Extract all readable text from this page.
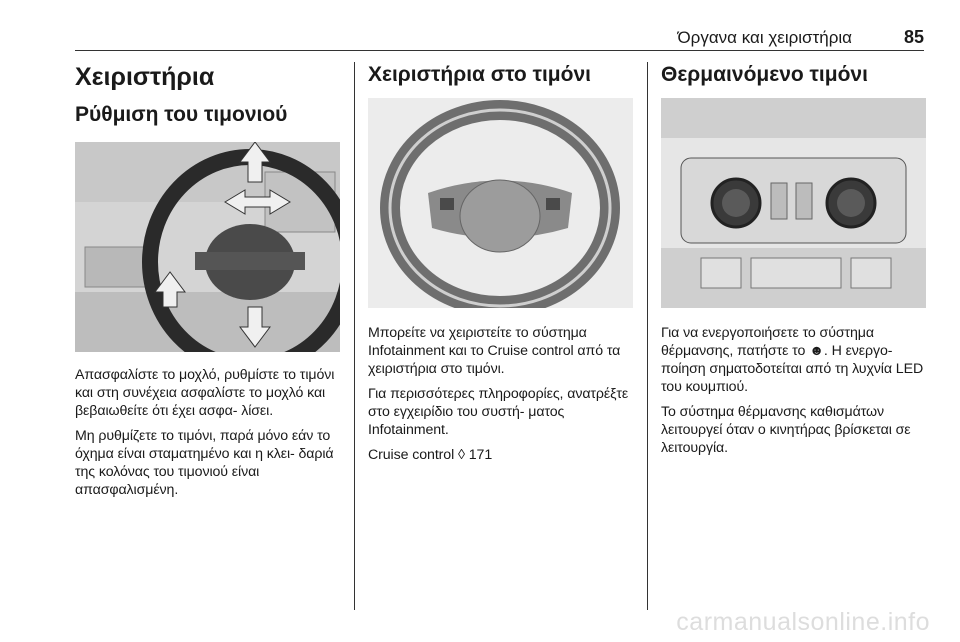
Όργανα και χειριστήρια	85
Χειριστήρια
Ρύθμιση του τιμονιού

Απασφαλίστε το μοχλό, ρυθμίστε το τιμόνι και στη συνέχεια ασφαλίστε το μοχλό και βεβαιωθείτε ότι έχει ασφα- λίσει.

Μη ρυθμίζετε το τιμόνι, παρά μόνο εάν το όχημα είναι σταματημένο και η κλει- δαριά της κολόνας του τιμονιού είναι απασφαλισμένη.

Χειριστήρια στο τιμόνι

Μπορείτε να χειριστείτε το σύστημα Infotainment και το Cruise control από τα χειριστήρια στο τιμόνι.

Για περισσότερες πληροφορίες, ανατρέξτε στο εγχειρίδιο του συστή- ματος Infotainment.

Cruise control ◊ 171

Θερμαινόμενο τιμόνι

Για να ενεργοποιήσετε το σύστημα θέρμανσης, πατήστε το ☻. Η ενεργο- ποίηση σηματοδοτείται από τη λυχνία LED του κουμπιού.

Το σύστημα θέρμανσης καθισμάτων λειτουργεί όταν ο κινητήρας βρίσκεται σε λειτουργία.

carmanualsonline.info
